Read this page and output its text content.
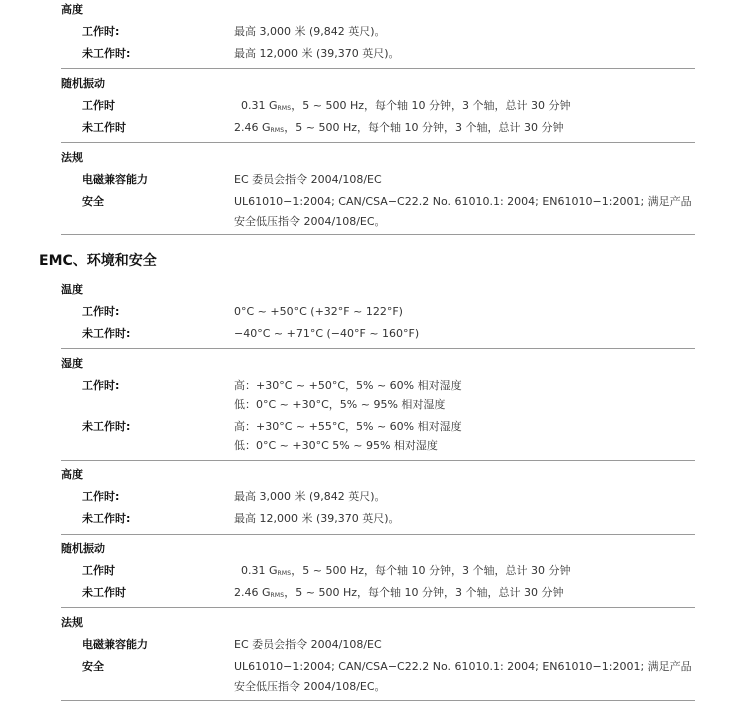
高度
工作时:	最高 3,000 米 (9,842 英尺)。
未工作时:	最高 12,000 米 (39,370 英尺)。
随机振动
工作时	0.31 $G_{RMS}$，5 ~ 500 Hz，每个轴 10 分钟，3 个轴，总计 30 分钟
未工作时	2.46 $G_{RMS}$，5 ~ 500 Hz，每个轴 10 分钟，3 个轴，总计 30 分钟
法规
电磁兼容能力	EC 委员会指令 2004/108/EC
安全	UL61010−1:2004; CAN/CSA−C22.2 No. 61010.1: 2004; EN61010−1:2001; 满足产品安全低压指令 2004/108/EC。
EMC、环境和安全
温度
工作时:	0°C ~ +50°C (+32°F ~ 122°F)
未工作时:	−40°C ~ +71°C (−40°F ~ 160°F)
湿度
工作时:	高：+30°C ~ +50°C，5% ~ 60% 相对湿度
低：0°C ~ +30°C，5% ~ 95% 相对湿度
未工作时:	高：+30°C ~ +55°C，5% ~ 60% 相对湿度
低：0°C ~ +30°C 5% ~ 95% 相对湿度
高度
工作时:	最高 3,000 米 (9,842 英尺)。
未工作时:	最高 12,000 米 (39,370 英尺)。
随机振动
工作时	0.31 $G_{RMS}$，5 ~ 500 Hz，每个轴 10 分钟，3 个轴，总计 30 分钟
未工作时	2.46 $G_{RMS}$，5 ~ 500 Hz，每个轴 10 分钟，3 个轴，总计 30 分钟
法规
电磁兼容能力	EC 委员会指令 2004/108/EC
安全	UL61010−1:2004; CAN/CSA−C22.2 No. 61010.1: 2004; EN61010−1:2001; 满足产品安全低压指令 2004/108/EC。
